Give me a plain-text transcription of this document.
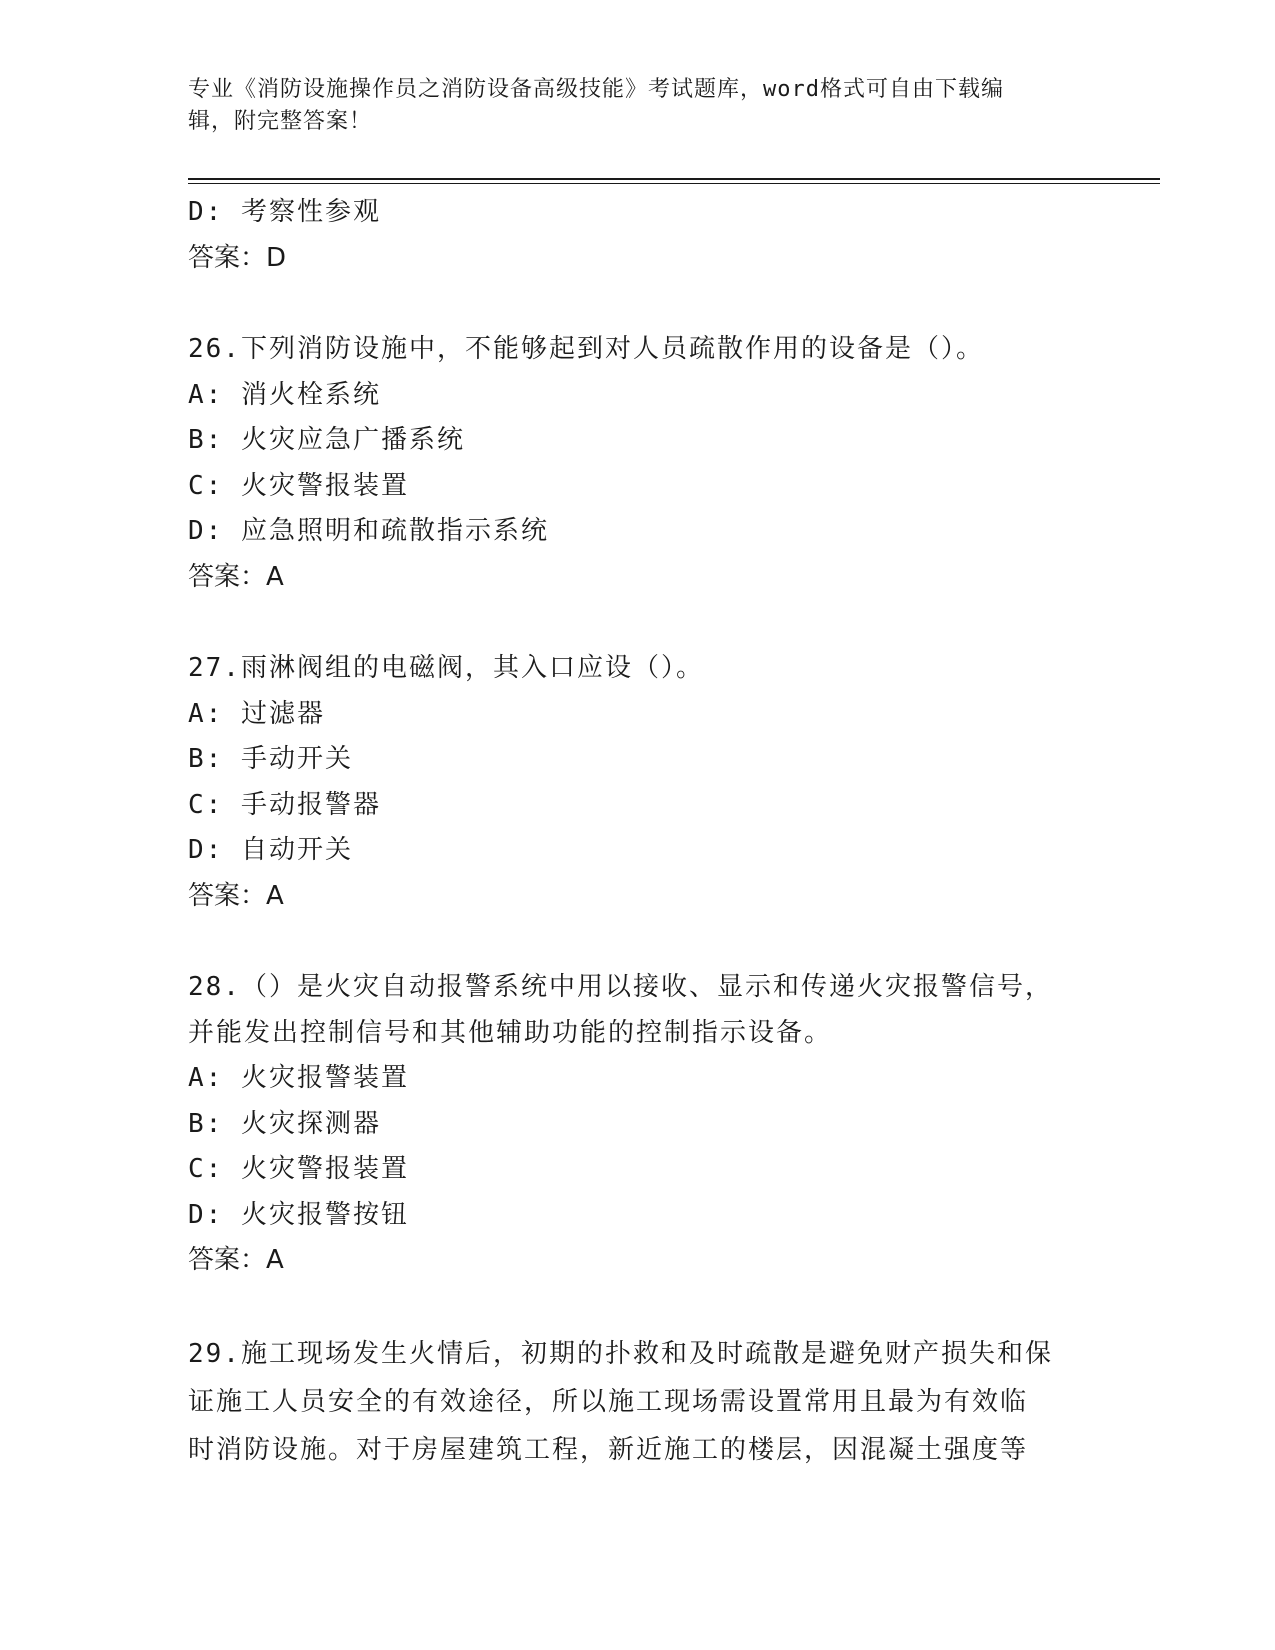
专业《消防设施操作员之消防设备高级技能》考试题库，word格式可自由下载编
辑，附完整答案！
D: 考察性参观
答案：D
26.下列消防设施中，不能够起到对人员疏散作用的设备是（）。
A: 消火栓系统
B: 火灾应急广播系统
C: 火灾警报装置
D: 应急照明和疏散指示系统
答案：A
27.雨淋阀组的电磁阀，其入口应设（）。
A: 过滤器
B: 手动开关
C: 手动报警器
D: 自动开关
答案：A
28.（）是火灾自动报警系统中用以接收、显示和传递火灾报警信号，
并能发出控制信号和其他辅助功能的控制指示设备。
A: 火灾报警装置
B: 火灾探测器
C: 火灾警报装置
D: 火灾报警按钮
答案：A
29.施工现场发生火情后，初期的扑救和及时疏散是避免财产损失和保
证施工人员安全的有效途径，所以施工现场需设置常用且最为有效临
时消防设施。对于房屋建筑工程，新近施工的楼层，因混凝土强度等
